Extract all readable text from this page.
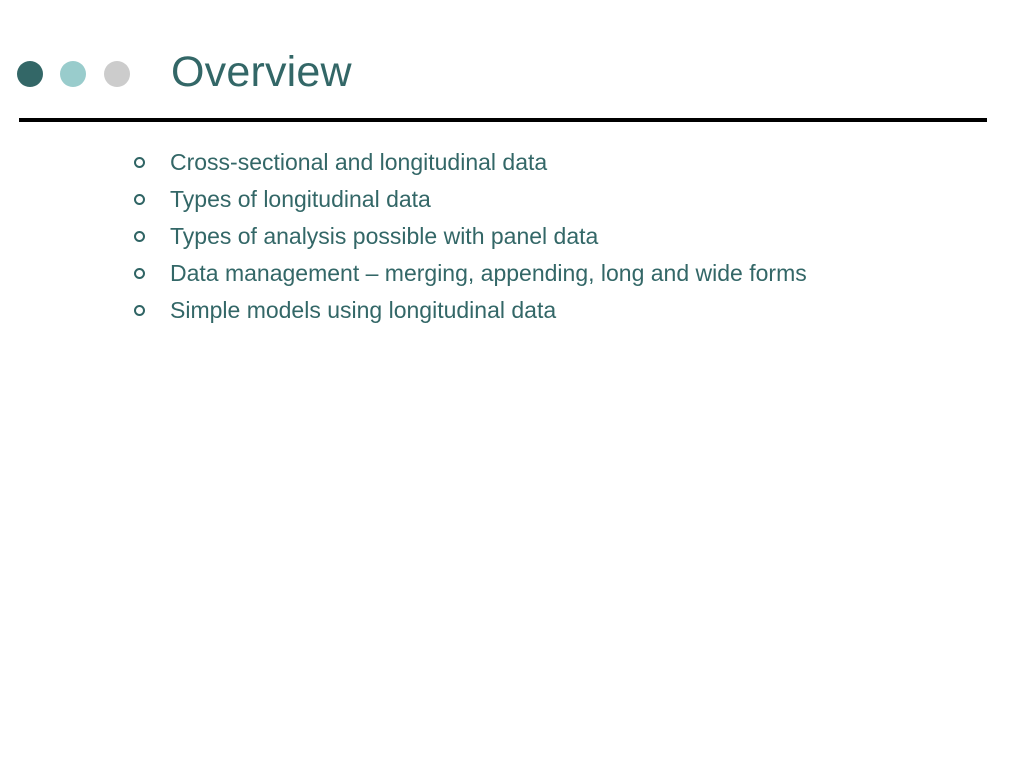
Overview
Cross-sectional and longitudinal data
Types of longitudinal data
Types of analysis possible with panel data
Data management – merging, appending, long and wide forms
Simple models using longitudinal data
